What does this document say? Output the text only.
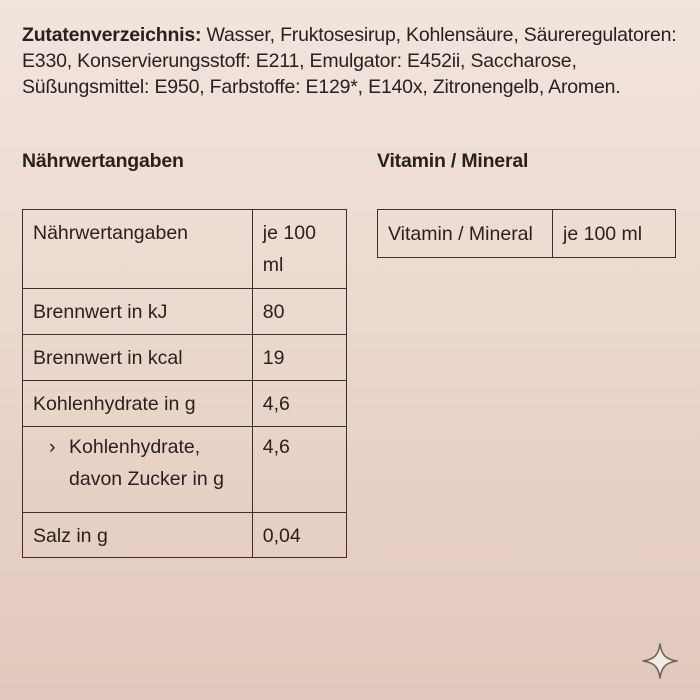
Zutatenverzeichnis: Wasser, Fruktosesirup, Kohlensäure, Säureregulatoren: E330, Konservierungsstoff: E211, Emulgator: E452ii, Saccharose, Süßungsmittel: E950, Farbstoffe: E129*, E140x, Zitronengelb, Aromen.

Nährwertangaben	Vitamin / Mineral
Nährwertangaben	je 100 ml
Brennwert in kJ	80
Brennwert in kcal	19
Kohlenhydrate in g	4,6

› Kohlenhydrate,
davon Zucker in g	4,6
Salz in g	0,04
Vitamin / Mineral	je 100 ml
